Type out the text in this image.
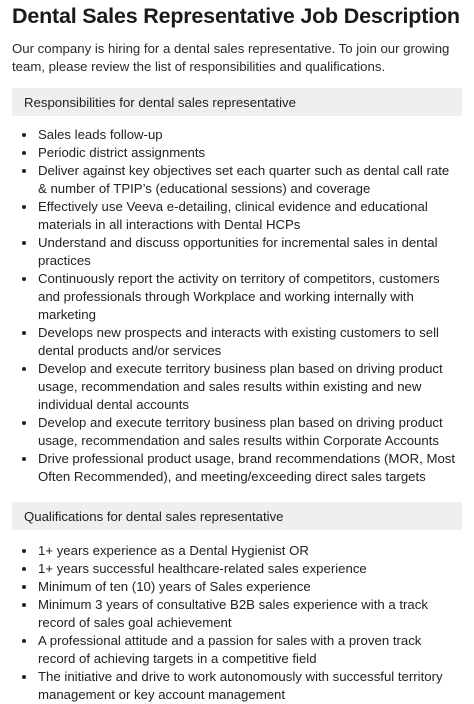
Dental Sales Representative Job Description

Our company is hiring for a dental sales representative. To join our growing team, please review the list of responsibilities and qualifications.

Responsibilities for dental sales representative
Sales leads follow-up
Periodic district assignments
Deliver against key objectives set each quarter such as dental call rate & number of TPIP’s (educational sessions) and coverage
Effectively use Veeva e-detailing, clinical evidence and educational materials in all interactions with Dental HCPs
Understand and discuss opportunities for incremental sales in dental practices
Continuously report the activity on territory of competitors, customers and professionals through Workplace and working internally with marketing
Develops new prospects and interacts with existing customers to sell dental products and/or services
Develop and execute territory business plan based on driving product usage, recommendation and sales results within existing and new individual dental accounts
Develop and execute territory business plan based on driving product usage, recommendation and sales results within Corporate Accounts
Drive professional product usage, brand recommendations (MOR, Most Often Recommended), and meeting/exceeding direct sales targets
Qualifications for dental sales representative
1+ years experience as a Dental Hygienist OR
1+ years successful healthcare-related sales experience
Minimum of ten (10) years of Sales experience
Minimum 3 years of consultative B2B sales experience with a track record of sales goal achievement
A professional attitude and a passion for sales with a proven track record of achieving targets in a competitive field
The initiative and drive to work autonomously with successful territory management or key account management
